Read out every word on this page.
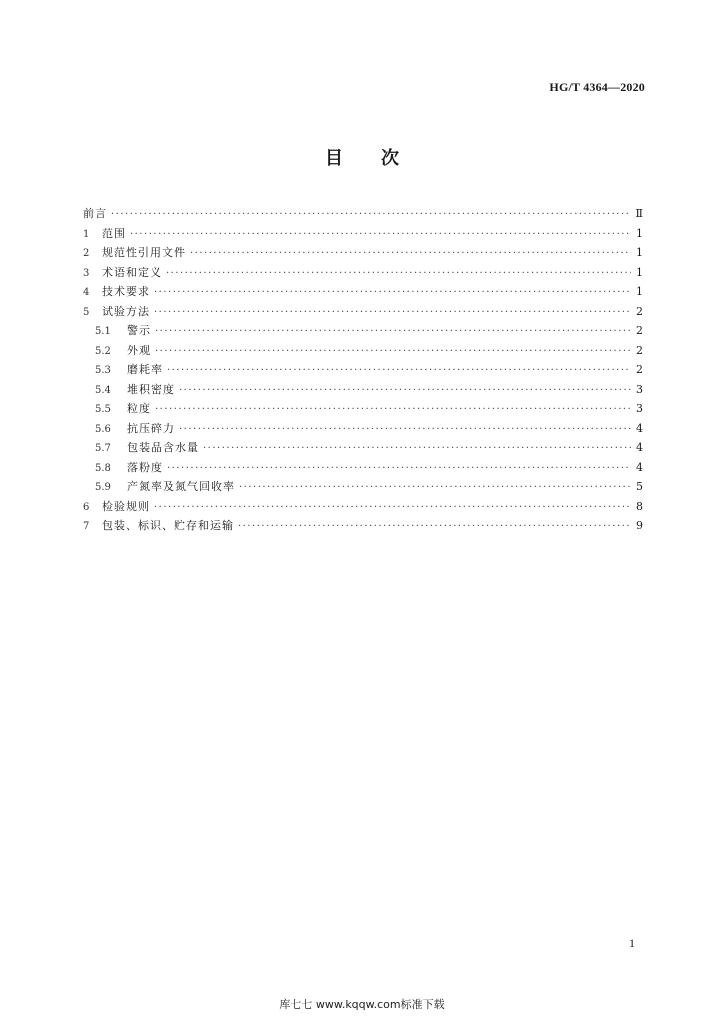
HG/T 4364—2020
目 次
前言 ·····	Ⅱ
1	范围 ·····	1
2	规范性引用文件 ·····	1
3	术语和定义 ·····	1
4	技术要求 ·····	1
5	试验方法 ·····	2
5.1	警示 ·····	2
5.2	外观 ·····	2
5.3	磨耗率 ·····	2
5.4	堆积密度 ·····	3
5.5	粒度 ·····	3
5.6	抗压碎力 ·····	4
5.7	包装品含水量 ·····	4
5.8	落粉度 ·····	4
5.9	产氮率及氮气回收率 ·····	5
6	检验规则 ·····	8
7	包装、标识、贮存和运输 ·····	9
1
库七七 www.kqqw.com标准下载
